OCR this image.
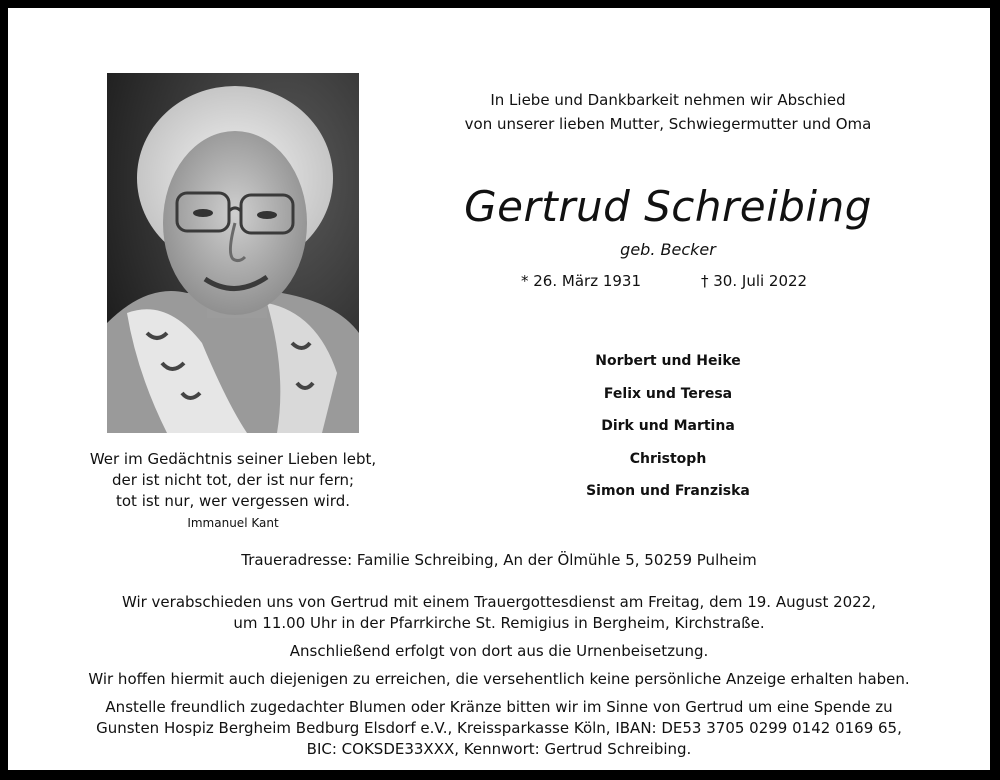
Wer im Gedächtnis seiner Lieben lebt,
der ist nicht tot, der ist nur fern;
tot ist nur, wer vergessen wird.
Immanuel Kant
In Liebe und Dankbarkeit nehmen wir Abschied
von unserer lieben Mutter, Schwiegermutter und Oma
Gertrud Schreibing
geb. Becker
* 26. März 1931	† 30. Juli 2022
Norbert und Heike
Felix und Teresa
Dirk und Martina
Christoph
Simon und Franziska
Traueradresse: Familie Schreibing, An der Ölmühle 5, 50259 Pulheim

Wir verabschieden uns von Gertrud mit einem Trauergottesdienst am Freitag, dem 19. August 2022,
um 11.00 Uhr in der Pfarrkirche St. Remigius in Bergheim, Kirchstraße.

Anschließend erfolgt von dort aus die Urnenbeisetzung.

Wir hoffen hiermit auch diejenigen zu erreichen, die versehentlich keine persönliche Anzeige erhalten haben.

Anstelle freundlich zugedachter Blumen oder Kränze bitten wir im Sinne von Gertrud um eine Spende zu
Gunsten Hospiz Bergheim Bedburg Elsdorf e.V., Kreissparkasse Köln, IBAN: DE53 3705 0299 0142 0169 65,
BIC: COKSDE33XXX, Kennwort: Gertrud Schreibing.
